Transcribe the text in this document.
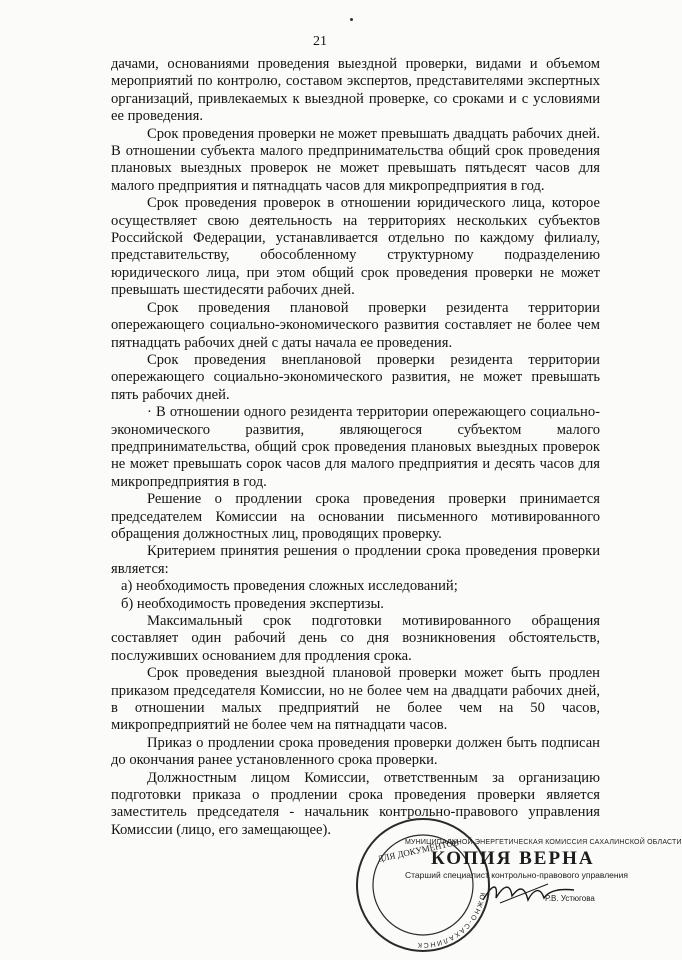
21

дачами, основаниями проведения выездной проверки, видами и объемом мероприятий по контролю, составом экспертов, представителями экспертных организаций, привлекаемых к выездной проверке, со сроками и с условиями ее проведения.

Срок проведения проверки не может превышать двадцать рабочих дней. В отношении субъекта малого предпринимательства общий срок проведения плановых выездных проверок не может превышать пятьдесят часов для малого предприятия и пятнадцать часов для микропредприятия в год.

Срок проведения проверок в отношении юридического лица, которое осуществляет свою деятельность на территориях нескольких субъектов Российской Федерации, устанавливается отдельно по каждому филиалу, представительству, обособленному структурному подразделению юридического лица, при этом общий срок проведения проверки не может превышать шестидесяти рабочих дней.

Срок проведения плановой проверки резидента территории опережающего социально-экономического развития составляет не более чем пятнадцать рабочих дней с даты начала ее проведения.

Срок проведения внеплановой проверки резидента территории опережающего социально-экономического развития, не может превышать пять рабочих дней.

· В отношении одного резидента территории опережающего социально-экономического развития, являющегося субъектом малого предпринимательства, общий срок проведения плановых выездных проверок не может превышать сорок часов для малого предприятия и десять часов для микропредприятия в год.

Решение о продлении срока проведения проверки принимается председателем Комиссии на основании письменного мотивированного обращения должностных лиц, проводящих проверку.

Критерием принятия решения о продлении срока проведения проверки является:

а) необходимость проведения сложных исследований;

б) необходимость проведения экспертизы.

Максимальный срок подготовки мотивированного обращения составляет один рабочий день со дня возникновения обстоятельств, послуживших основанием для продления срока.

Срок проведения выездной плановой проверки может быть продлен приказом председателя Комиссии, но не более чем на двадцати рабочих дней, в отношении малых предприятий не более чем на 50 часов, микропредприятий не более чем на пятнадцати часов.

Приказ о продлении срока проведения проверки должен быть подписан до окончания ранее установленного срока проверки.

Должностным лицом Комиссии, ответственным за организацию подготовки приказа о продлении срока проведения проверки является заместитель председателя - начальник контрольно-правового управления Комиссии (лицо, его замещающее).

ЮЖНО-САХАЛИНСК
ДЛЯ ДОКУМЕНТОВ
МУНИЦИПАЛЬНОЙ ЭНЕРГЕТИЧЕСКАЯ КОМИССИЯ САХАЛИНСКОЙ ОБЛАСТИ
КОПИЯ ВЕРНА
Старший специалист контрольно-правового управления
Р.В. Устюгова
